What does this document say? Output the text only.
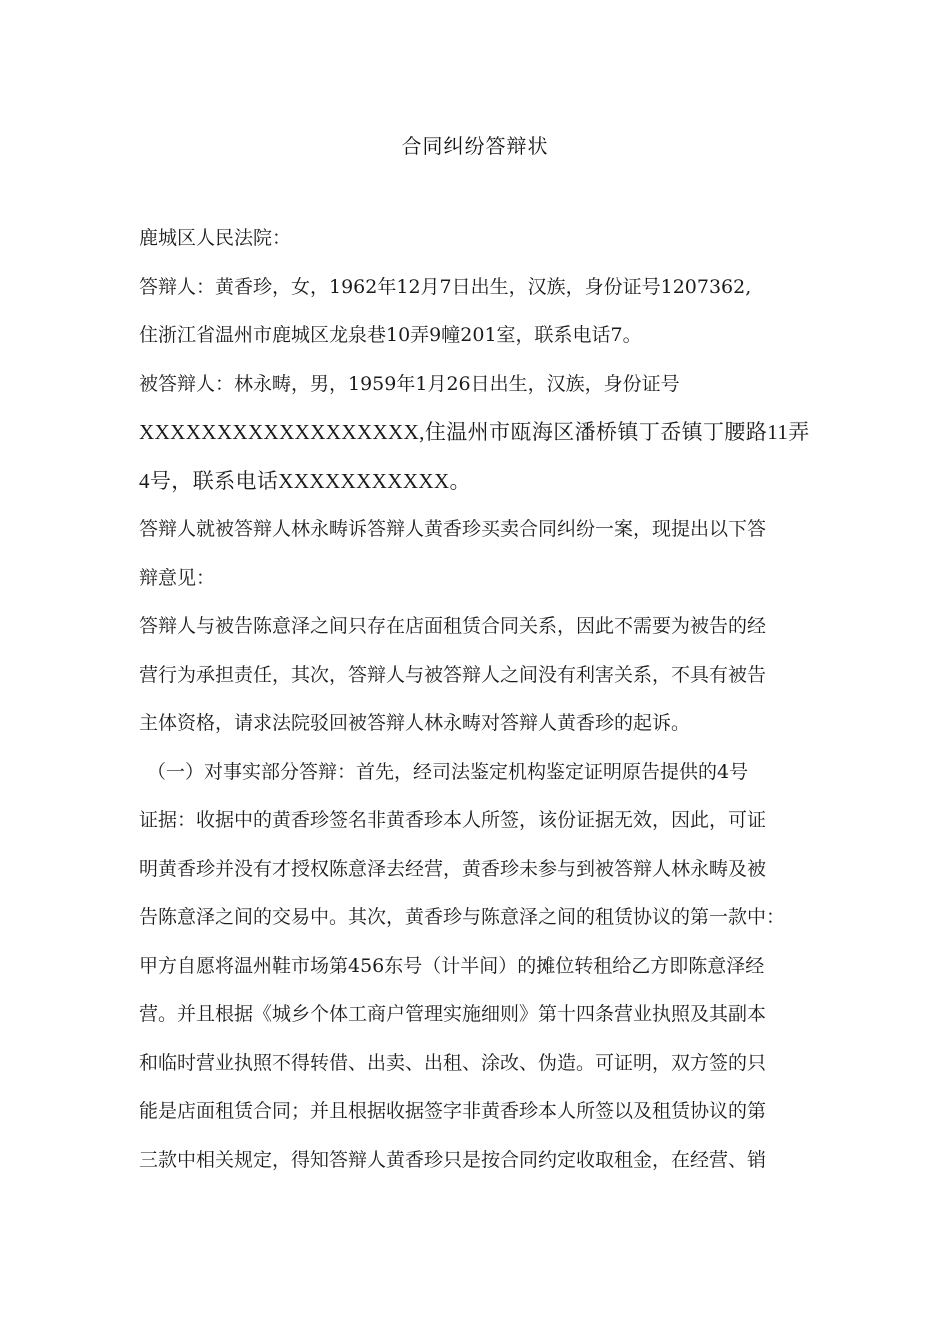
合同纠纷答辩状
鹿城区人民法院：
答辩人：黄香珍，女，1962年12月7日出生，汉族，身份证号1207362,
住浙江省温州市鹿城区龙泉巷10弄9幢201室，联系电话7。
被答辩人：林永畴，男，1959年1月26日出生，汉族，身份证号
XXXXXXXXXXXXXXXXXX,住温州市瓯海区潘桥镇丁岙镇丁腰路11弄
4号，联系电话XXXXXXXXXXX。
答辩人就被答辩人林永畴诉答辩人黄香珍买卖合同纠纷一案，现提出以下答
辩意见：
答辩人与被告陈意泽之间只存在店面租赁合同关系，因此不需要为被告的经
营行为承担责任，其次，答辩人与被答辩人之间没有利害关系，不具有被告
主体资格，请求法院驳回被答辩人林永畴对答辩人黄香珍的起诉。
（一）对事实部分答辩：首先，经司法鉴定机构鉴定证明原告提供的4号
证据：收据中的黄香珍签名非黄香珍本人所签，该份证据无效，因此，可证
明黄香珍并没有才授权陈意泽去经营，黄香珍未参与到被答辩人林永畴及被
告陈意泽之间的交易中。其次，黄香珍与陈意泽之间的租赁协议的第一款中：
甲方自愿将温州鞋市场第456东号（计半间）的摊位转租给乙方即陈意泽经
营。并且根据《城乡个体工商户管理实施细则》第十四条营业执照及其副本
和临时营业执照不得转借、出卖、出租、涂改、伪造。可证明，双方签的只
能是店面租赁合同；并且根据收据签字非黄香珍本人所签以及租赁协议的第
三款中相关规定，得知答辩人黄香珍只是按合同约定收取租金，在经营、销
